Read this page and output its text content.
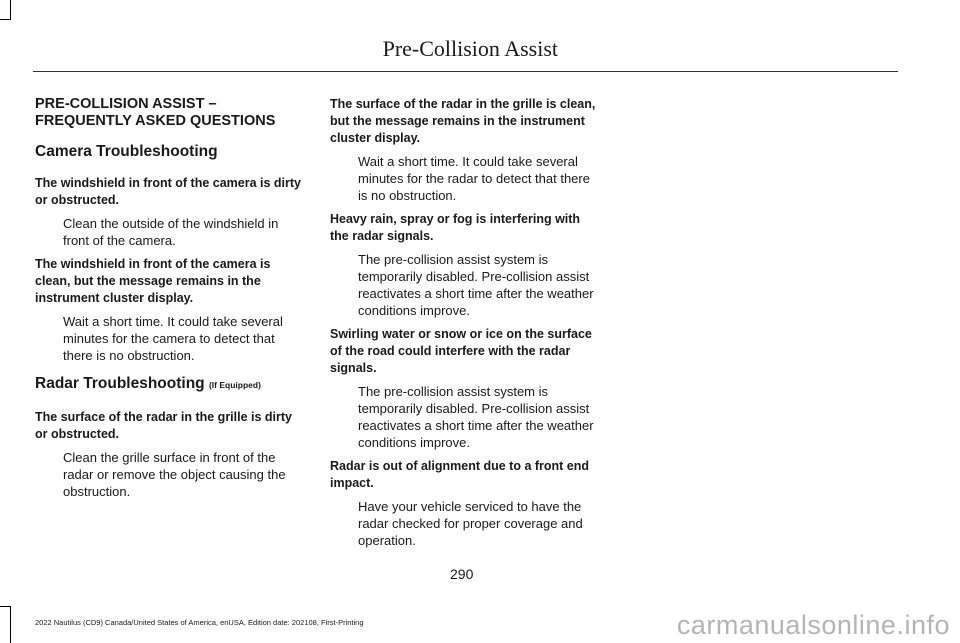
Pre-Collision Assist
PRE-COLLISION ASSIST – FREQUENTLY ASKED QUESTIONS
Camera Troubleshooting
The windshield in front of the camera is dirty or obstructed.
Clean the outside of the windshield in front of the camera.
The windshield in front of the camera is clean, but the message remains in the instrument cluster display.
Wait a short time. It could take several minutes for the camera to detect that there is no obstruction.
Radar Troubleshooting (If Equipped)
The surface of the radar in the grille is dirty or obstructed.
Clean the grille surface in front of the radar or remove the object causing the obstruction.
The surface of the radar in the grille is clean, but the message remains in the instrument cluster display.
Wait a short time. It could take several minutes for the radar to detect that there is no obstruction.
Heavy rain, spray or fog is interfering with the radar signals.
The pre-collision assist system is temporarily disabled. Pre-collision assist reactivates a short time after the weather conditions improve.
Swirling water or snow or ice on the surface of the road could interfere with the radar signals.
The pre-collision assist system is temporarily disabled. Pre-collision assist reactivates a short time after the weather conditions improve.
Radar is out of alignment due to a front end impact.
Have your vehicle serviced to have the radar checked for proper coverage and operation.
290
2022 Nautilus (CD9) Canada/United States of America, enUSA, Edition date: 202108, First-Printing	carmanualsonline.info
